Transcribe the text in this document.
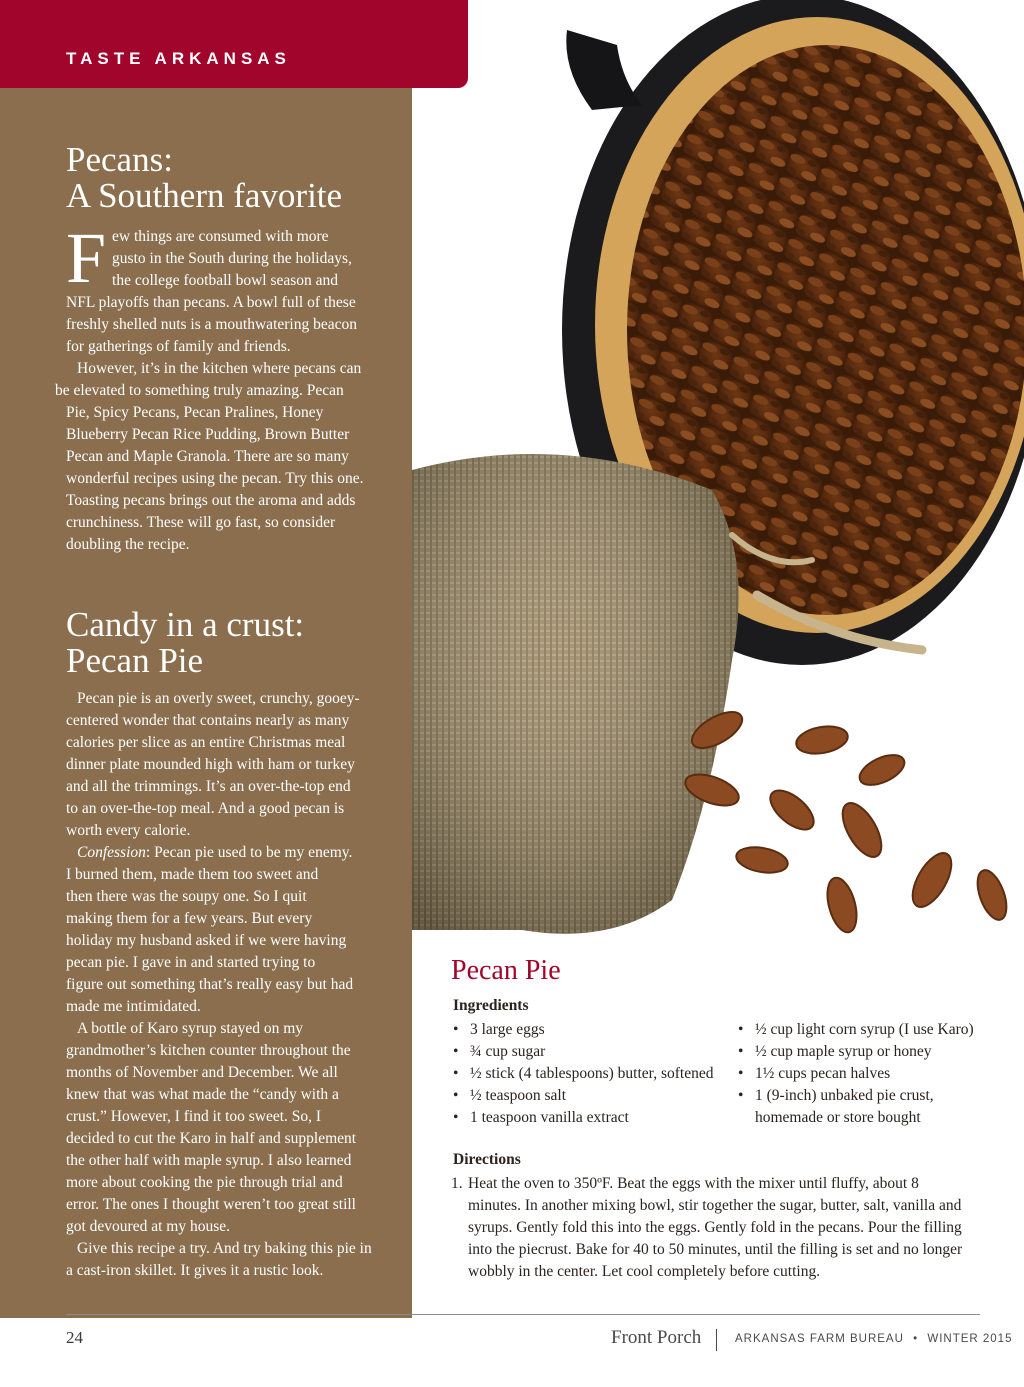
TASTE ARKANSAS
Pecans:
A Southern favorite

Few things are consumed with more
gusto in the South during the holidays,
the college football bowl season and

NFL playoffs than pecans. A bowl full of these
freshly shelled nuts is a mouthwatering beacon
for gatherings of family and friends.

However, it’s in the kitchen where pecans can
be elevated to something truly amazing. Pecan
Pie, Spicy Pecans, Pecan Pralines, Honey
Blueberry Pecan Rice Pudding, Brown Butter
Pecan and Maple Granola. There are so many
wonderful recipes using the pecan. Try this one.
Toasting pecans brings out the aroma and adds
crunchiness. These will go fast, so consider
doubling the recipe.

Candy in a crust:
Pecan Pie

Pecan pie is an overly sweet, crunchy, gooey-
centered wonder that contains nearly as many
calories per slice as an entire Christmas meal
dinner plate mounded high with ham or turkey
and all the trimmings. It’s an over-the-top end
to an over-the-top meal. And a good pecan is
worth every calorie.

Confession: Pecan pie used to be my enemy.
I burned them, made them too sweet and
then there was the soupy one. So I quit
making them for a few years. But every
holiday my husband asked if we were having
pecan pie. I gave in and started trying to
figure out something that’s really easy but had
made me intimidated.

A bottle of Karo syrup stayed on my
grandmother’s kitchen counter throughout the
months of November and December. We all
knew that was what made the “candy with a
crust.” However, I find it too sweet. So, I
decided to cut the Karo in half and supplement
the other half with maple syrup. I also learned
more about cooking the pie through trial and
error. The ones I thought weren’t too great still
got devoured at my house.

Give this recipe a try. And try baking this pie in
a cast-iron skillet. It gives it a rustic look.

Pecan Pie
Ingredients
• 3 large eggs
• ¾ cup sugar
• ½ stick (4 tablespoons) butter, softened
• ½ teaspoon salt
• 1 teaspoon vanilla extract
• ½ cup light corn syrup (I use Karo)
• ½ cup maple syrup or honey
• 1½ cups pecan halves
• 1 (9-inch) unbaked pie crust,
homemade or store bought
Directions
1. Heat the oven to 350ºF. Beat the eggs with the mixer until fluffy, about 8
minutes. In another mixing bowl, stir together the sugar, butter, salt, vanilla and
syrups. Gently fold this into the eggs. Gently fold in the pecans. Pour the filling
into the piecrust. Bake for 40 to 50 minutes, until the filling is set and no longer
wobbly in the center. Let cool completely before cutting.
24	Front Porch	ARKANSAS FARM BUREAU • WINTER 2015
